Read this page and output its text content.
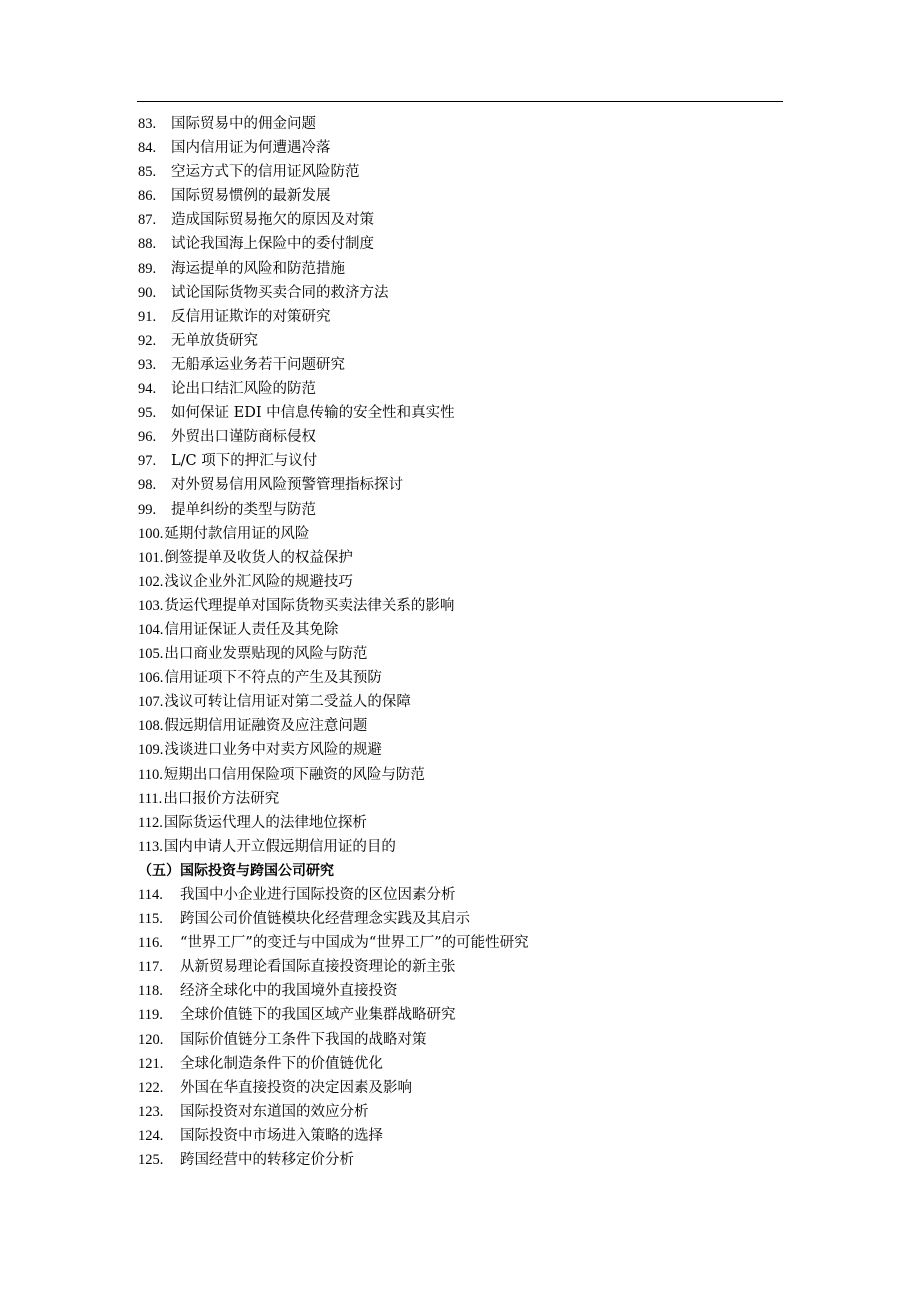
83. 国际贸易中的佣金问题
84. 国内信用证为何遭遇冷落
85. 空运方式下的信用证风险防范
86. 国际贸易惯例的最新发展
87. 造成国际贸易拖欠的原因及对策
88. 试论我国海上保险中的委付制度
89. 海运提单的风险和防范措施
90. 试论国际货物买卖合同的救济方法
91. 反信用证欺诈的对策研究
92. 无单放货研究
93. 无船承运业务若干问题研究
94. 论出口结汇风险的防范
95. 如何保证 EDI 中信息传输的安全性和真实性
96. 外贸出口谨防商标侵权
97. L/C 项下的押汇与议付
98. 对外贸易信用风险预警管理指标探讨
99. 提单纠纷的类型与防范
100. 延期付款信用证的风险
101. 倒签提单及收货人的权益保护
102. 浅议企业外汇风险的规避技巧
103. 货运代理提单对国际货物买卖法律关系的影响
104. 信用证保证人责任及其免除
105. 出口商业发票贴现的风险与防范
106. 信用证项下不符点的产生及其预防
107. 浅议可转让信用证对第二受益人的保障
108. 假远期信用证融资及应注意问题
109. 浅谈进口业务中对卖方风险的规避
110. 短期出口信用保险项下融资的风险与防范
111. 出口报价方法研究
112. 国际货运代理人的法律地位探析
113. 国内申请人开立假远期信用证的目的
（五）国际投资与跨国公司研究
114.	我国中小企业进行国际投资的区位因素分析
115.	跨国公司价值链模块化经营理念实践及其启示
116.	“世界工厂”的变迁与中国成为“世界工厂”的可能性研究
117.	从新贸易理论看国际直接投资理论的新主张
118.	经济全球化中的我国境外直接投资
119.	全球价值链下的我国区域产业集群战略研究
120.	国际价值链分工条件下我国的战略对策
121.	全球化制造条件下的价值链优化
122.	外国在华直接投资的决定因素及影响
123.	国际投资对东道国的效应分析
124.	国际投资中市场进入策略的选择
125.	跨国经营中的转移定价分析
